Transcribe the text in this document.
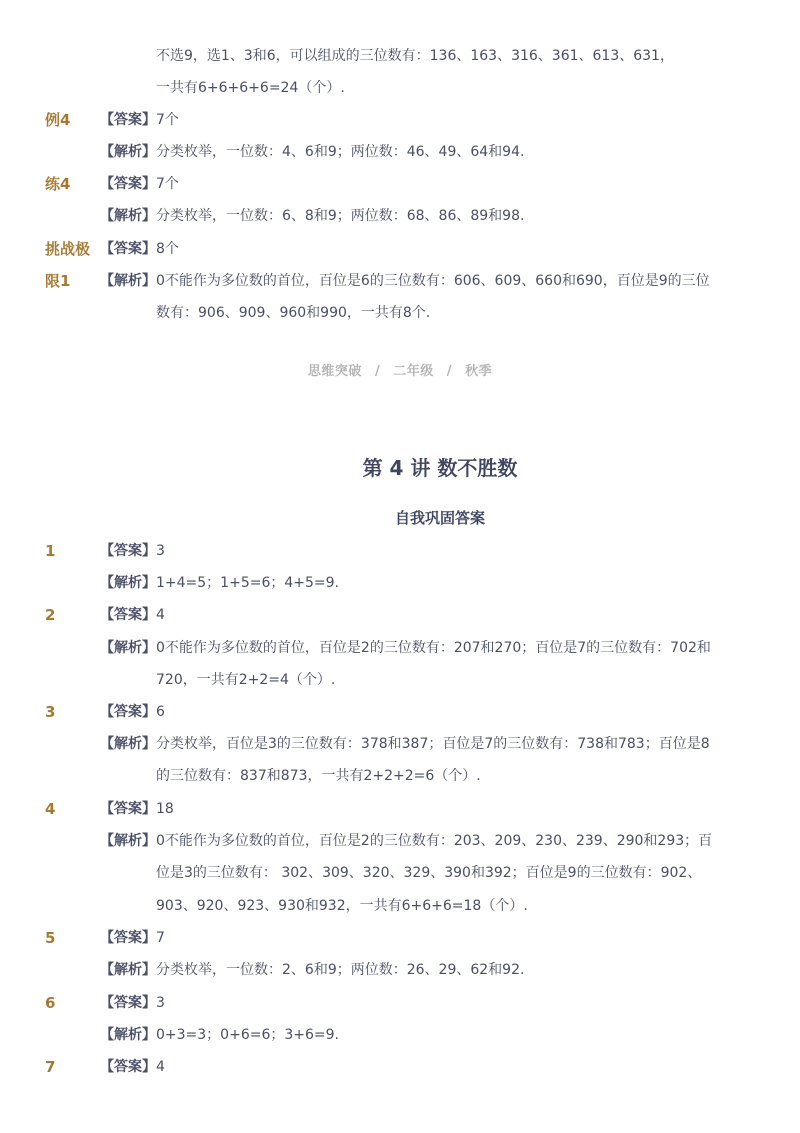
不选9，选1、3和6，可以组成的三位数有：136、163、316、361、613、631，
一共有6+6+6+6=24（个）.
例4 【答案】 7个
【解析】 分类枚举，一位数：4、6和9；两位数：46、49、64和94.
练4 【答案】 7个
【解析】 分类枚举，一位数：6、8和9；两位数：68、86、89和98.
挑战极 【答案】 8个
限1 【解析】 0不能作为多位数的首位，百位是6的三位数有：606、609、660和690，百位是9的三位
数有：906、909、960和990，一共有8个.
思维突破 / 二年级 / 秋季
第 4 讲 数不胜数
自我巩固答案
1	【答案】 3
【解析】 1+4=5；1+5=6；4+5=9.
2	【答案】 4
【解析】 0不能作为多位数的首位，百位是2的三位数有：207和270；百位是7的三位数有：702和
720，一共有2+2=4（个）.
3	【答案】 6
【解析】 分类枚举，百位是3的三位数有：378和387；百位是7的三位数有：738和783；百位是8
的三位数有：837和873，一共有2+2+2=6（个）.
4	【答案】 18
【解析】 0不能作为多位数的首位，百位是2的三位数有：203、209、230、239、290和293；百
位是3的三位数有： 302、309、320、329、390和392；百位是9的三位数有：902、
903、920、923、930和932，一共有6+6+6=18（个）.
5	【答案】 7
【解析】 分类枚举，一位数：2、6和9；两位数：26、29、62和92.
6	【答案】 3
【解析】 0+3=3；0+6=6；3+6=9.
7	【答案】 4
